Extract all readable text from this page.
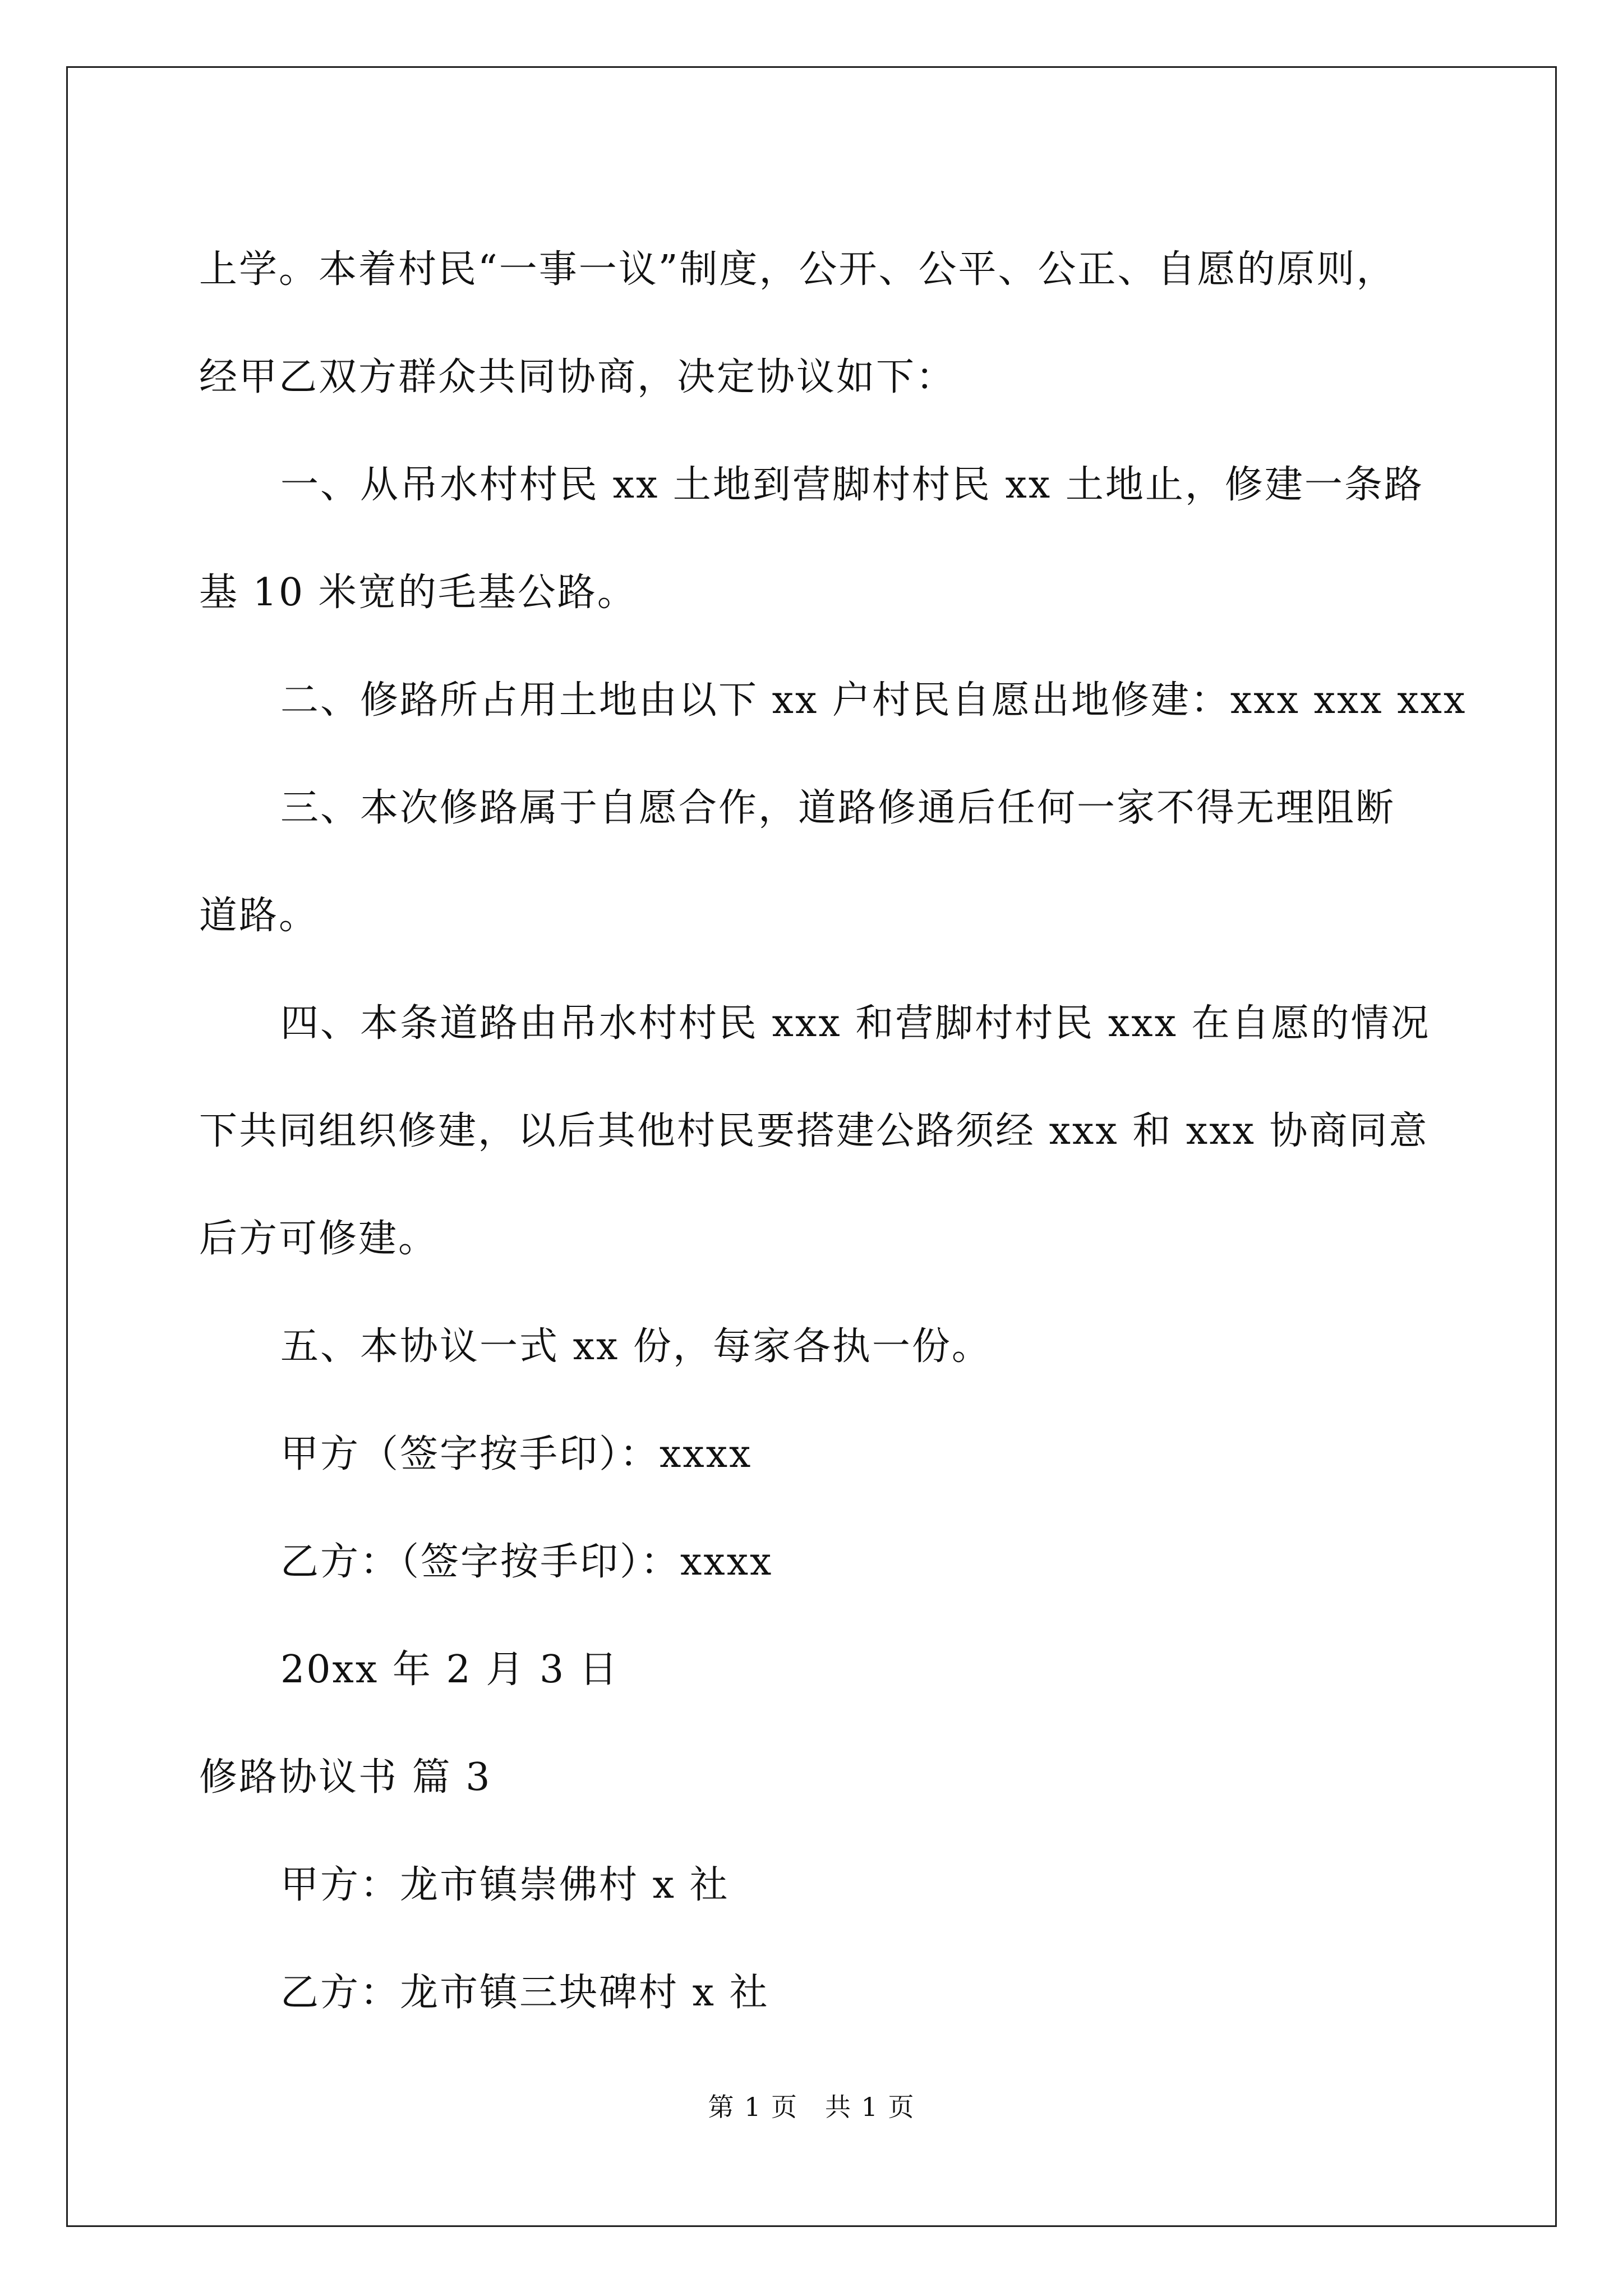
上学。本着村民“一事一议”制度，公开、公平、公正、自愿的原则，
经甲乙双方群众共同协商，决定协议如下：
一、从吊水村村民 xx 土地到营脚村村民 xx 土地止，修建一条路
基 10 米宽的毛基公路。
二、修路所占用土地由以下 xx 户村民自愿出地修建：xxx xxx xxx
三、本次修路属于自愿合作，道路修通后任何一家不得无理阻断
道路。
四、本条道路由吊水村村民 xxx 和营脚村村民 xxx 在自愿的情况
下共同组织修建，以后其他村民要搭建公路须经 xxx 和 xxx 协商同意
后方可修建。
五、本协议一式 xx 份，每家各执一份。
甲方（签字按手印）：xxxx
乙方：（签字按手印）：xxxx
20xx 年 2 月 3 日
修路协议书 篇 3
甲方：龙市镇崇佛村 x 社
乙方：龙市镇三块碑村 x 社
第 1 页　共 1 页
